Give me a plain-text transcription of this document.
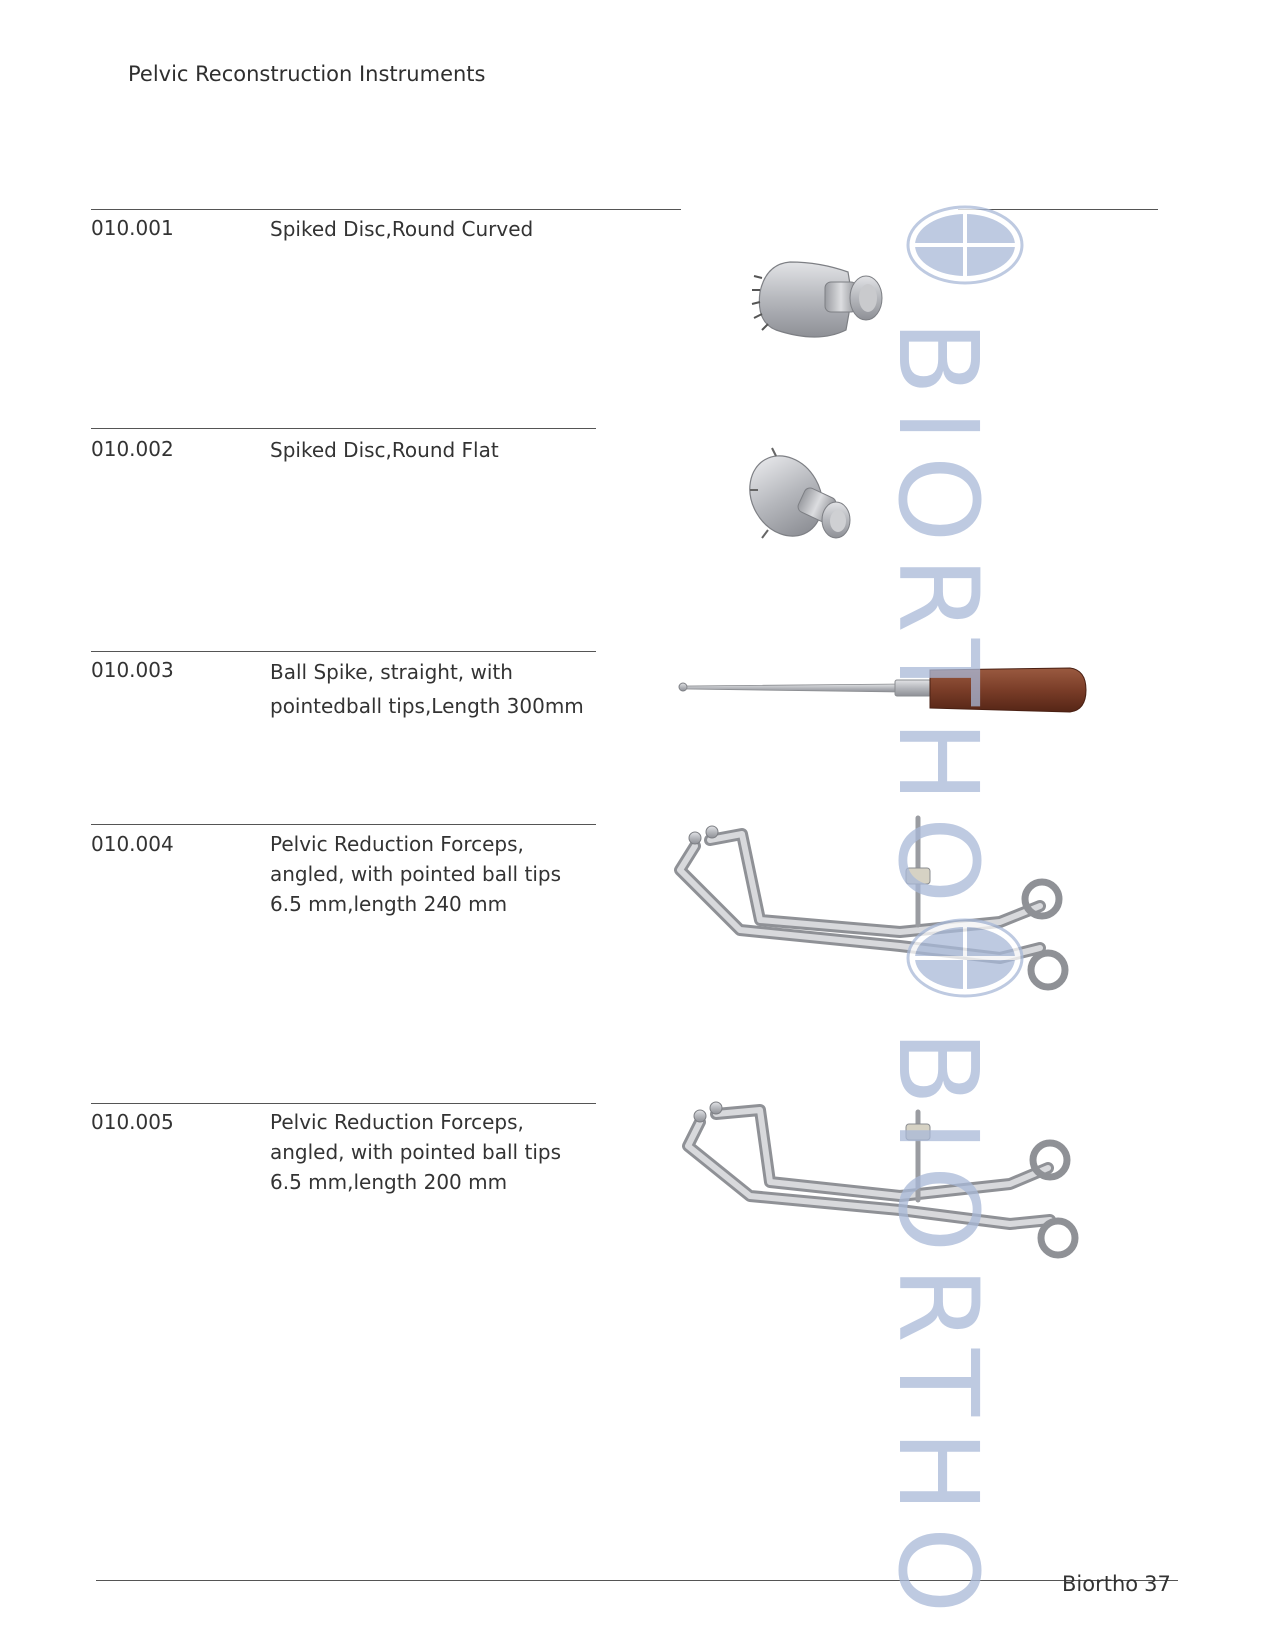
Pelvic Reconstruction Instruments
010.001	Spiked Disc,Round Curved
010.002	Spiked Disc,Round Flat
010.003	Ball Spike, straight, with
pointedball tips,Length 300mm
010.004	Pelvic Reduction Forceps,
angled, with pointed ball tips
6.5 mm,length 240 mm
010.005	Pelvic Reduction Forceps,
angled, with pointed ball tips
6.5 mm,length 200 mm
BIORTHO
BIORTHO	Biortho 37
